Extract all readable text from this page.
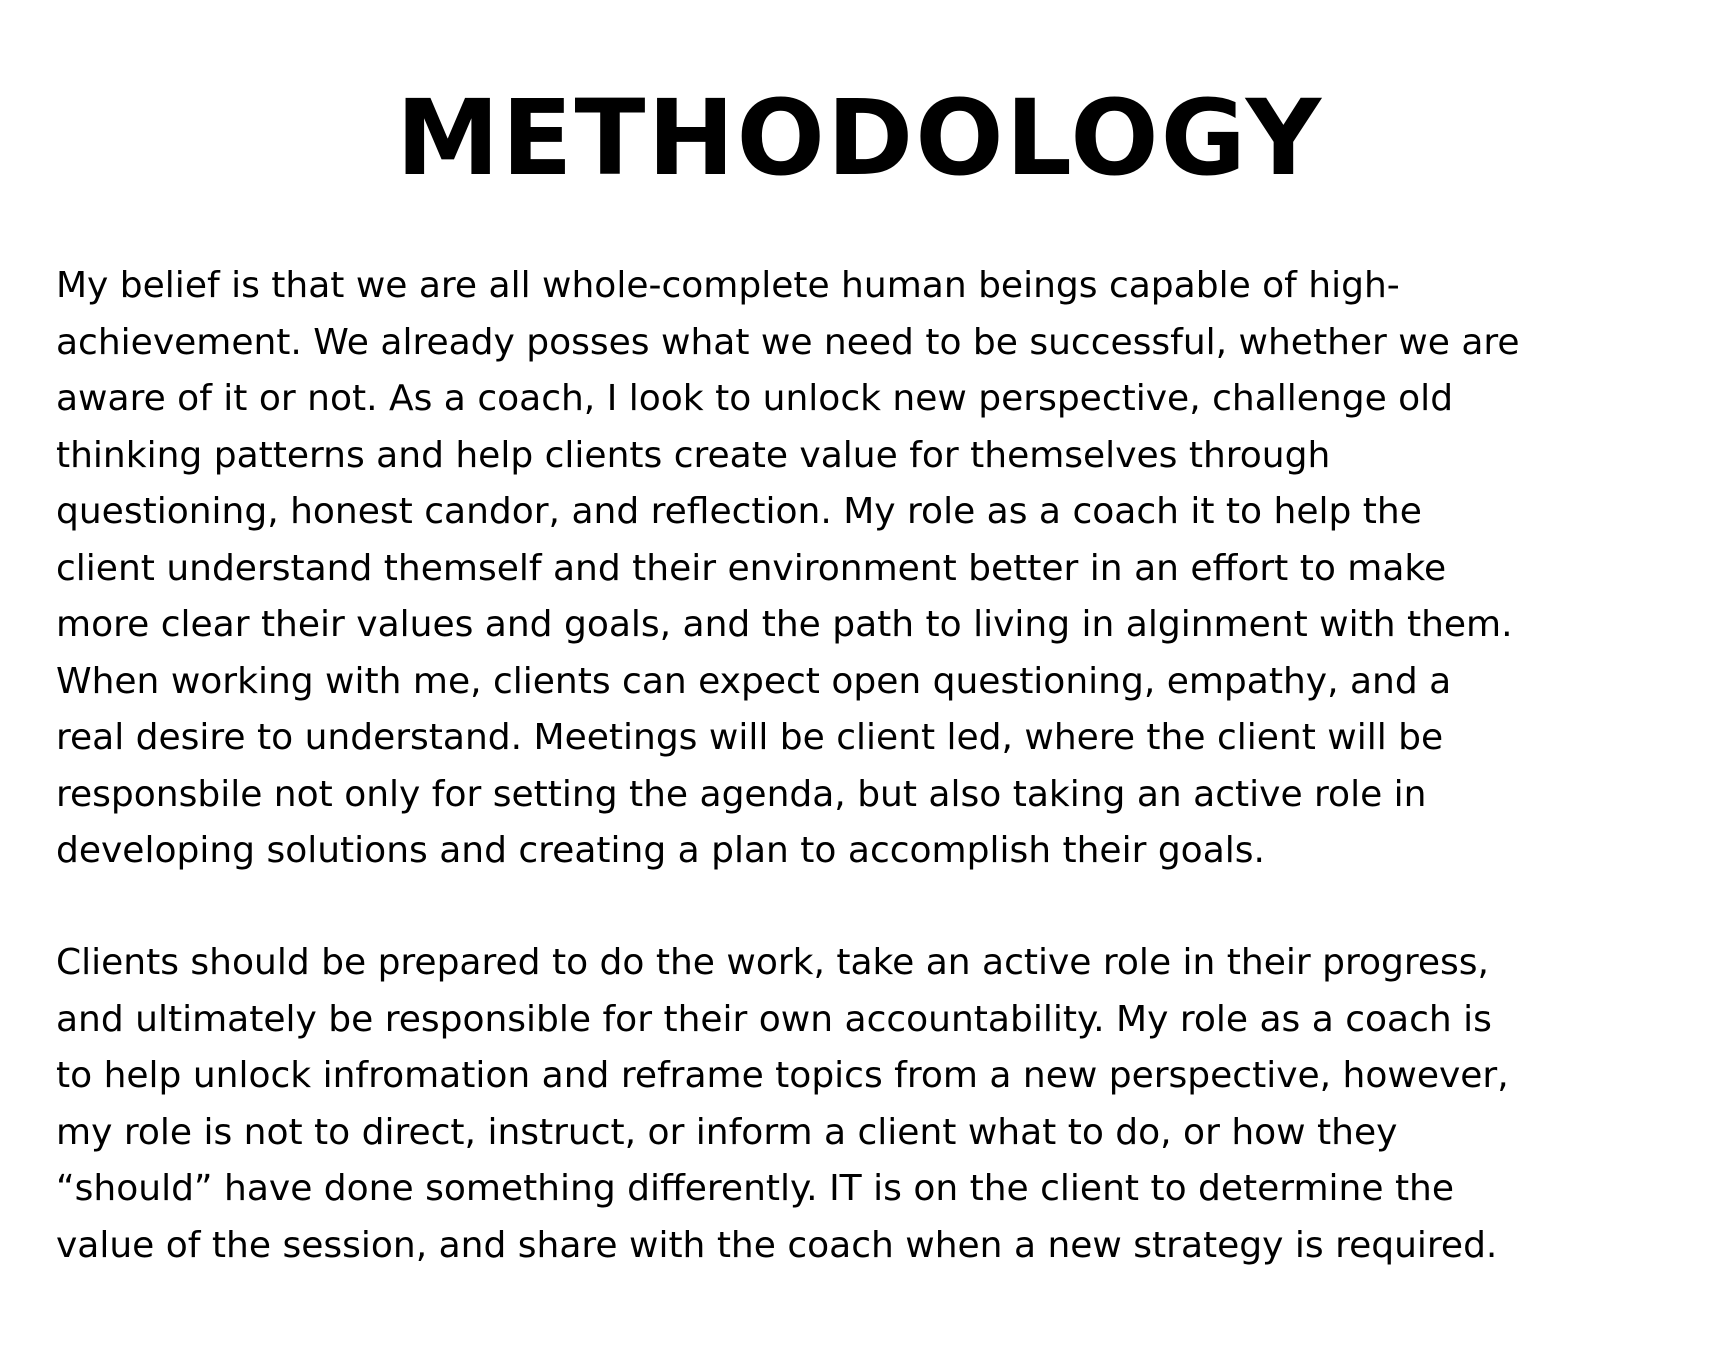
METHODOLOGY

My belief is that we are all whole-complete human beings capable of high-
achievement. We already posses what we need to be successful, whether we are
aware of it or not. As a coach, I look to unlock new perspective, challenge old
thinking patterns and help clients create value for themselves through
questioning, honest candor, and reflection. My role as a coach it to help the
client understand themself and their environment better in an effort to make
more clear their values and goals, and the path to living in alginment with them.
When working with me, clients can expect open questioning, empathy, and a
real desire to understand. Meetings will be client led, where the client will be
responsbile not only for setting the agenda, but also taking an active role in
developing solutions and creating a plan to accomplish their goals.

Clients should be prepared to do the work, take an active role in their progress,
and ultimately be responsible for their own accountability. My role as a coach is
to help unlock infromation and reframe topics from a new perspective, however,
my role is not to direct, instruct, or inform a client what to do, or how they
“should” have done something differently. IT is on the client to determine the
value of the session, and share with the coach when a new strategy is required.
